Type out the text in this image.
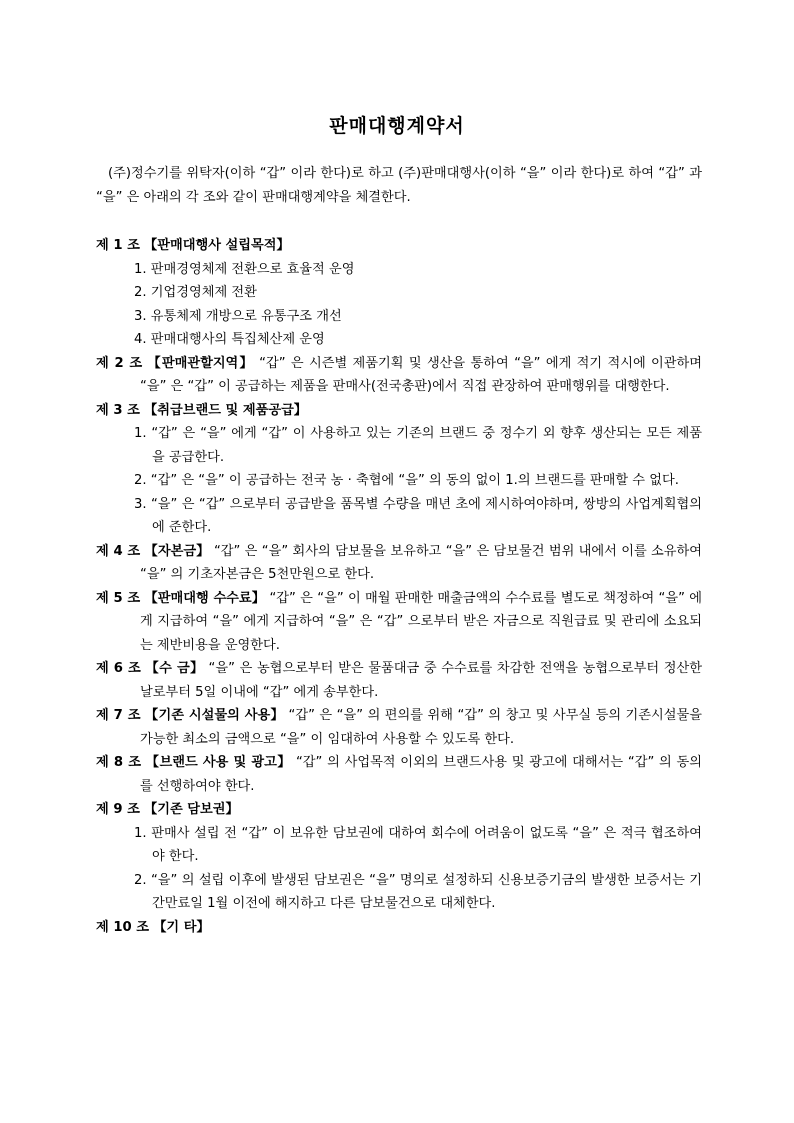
판매대행계약서

(주)정수기를 위탁자(이하 “갑” 이라 한다)로 하고 (주)판매대행사(이하 “을” 이라 한다)로 하여 “갑” 과 “을” 은 아래의 각 조와 같이 판매대행계약을 체결한다.

제 1 조 【판매대행사 설립목적】

1. 판매경영체제 전환으로 효율적 운영

2. 기업경영체제 전환

3. 유통체제 개방으로 유통구조 개선

4. 판매대행사의 특집체산제 운영

제 2 조 【판매관할지역】 “갑” 은 시즌별 제품기획 및 생산을 통하여 “을” 에게 적기 적시에 이관하며 “을” 은 “갑” 이 공급하는 제품을 판매사(전국총판)에서 직접 관장하여 판매행위를 대행한다.

제 3 조 【취급브랜드 및 제품공급】

1. “갑” 은 “을” 에게 “갑” 이 사용하고 있는 기존의 브랜드 중 정수기 외 향후 생산되는 모든 제품을 공급한다.

2. “갑” 은 “을” 이 공급하는 전국 농 · 축협에 “을” 의 동의 없이 1.의 브랜드를 판매할 수 없다.

3. “을” 은 “갑” 으로부터 공급받을 품목별 수량을 매년 초에 제시하여야하며, 쌍방의 사업계획협의에 준한다.

제 4 조 【자본금】 “갑” 은 “을” 회사의 담보물을 보유하고 “을” 은 담보물건 범위 내에서 이를 소유하여 “을” 의 기초자본금은 5천만원으로 한다.

제 5 조 【판매대행 수수료】 “갑” 은 “을” 이 매월 판매한 매출금액의 수수료를 별도로 책정하여 “을” 에게 지급하여 “을” 에게 지급하여 “을” 은 “갑” 으로부터 받은 자금으로 직원급료 및 관리에 소요되는 제반비용을 운영한다.

제 6 조 【수 금】 “을” 은 농협으로부터 받은 물품대금 중 수수료를 차감한 전액을 농협으로부터 정산한 날로부터 5일 이내에 “갑” 에게 송부한다.

제 7 조 【기존 시설물의 사용】 “갑” 은 “을” 의 편의를 위해 “갑” 의 창고 및 사무실 등의 기존시설물을 가능한 최소의 금액으로 “을” 이 임대하여 사용할 수 있도록 한다.

제 8 조 【브랜드 사용 및 광고】 “갑” 의 사업목적 이외의 브랜드사용 및 광고에 대해서는 “갑” 의 동의를 선행하여야 한다.

제 9 조 【기존 담보권】

1. 판매사 설립 전 “갑” 이 보유한 담보권에 대하여 회수에 어려움이 없도록 “을” 은 적극 협조하여야 한다.

2. “을” 의 설립 이후에 발생된 담보권은 “을” 명의로 설정하되 신용보증기금의 발생한 보증서는 기간만료일 1월 이전에 해지하고 다른 담보물건으로 대체한다.

제 10 조 【기 타】
